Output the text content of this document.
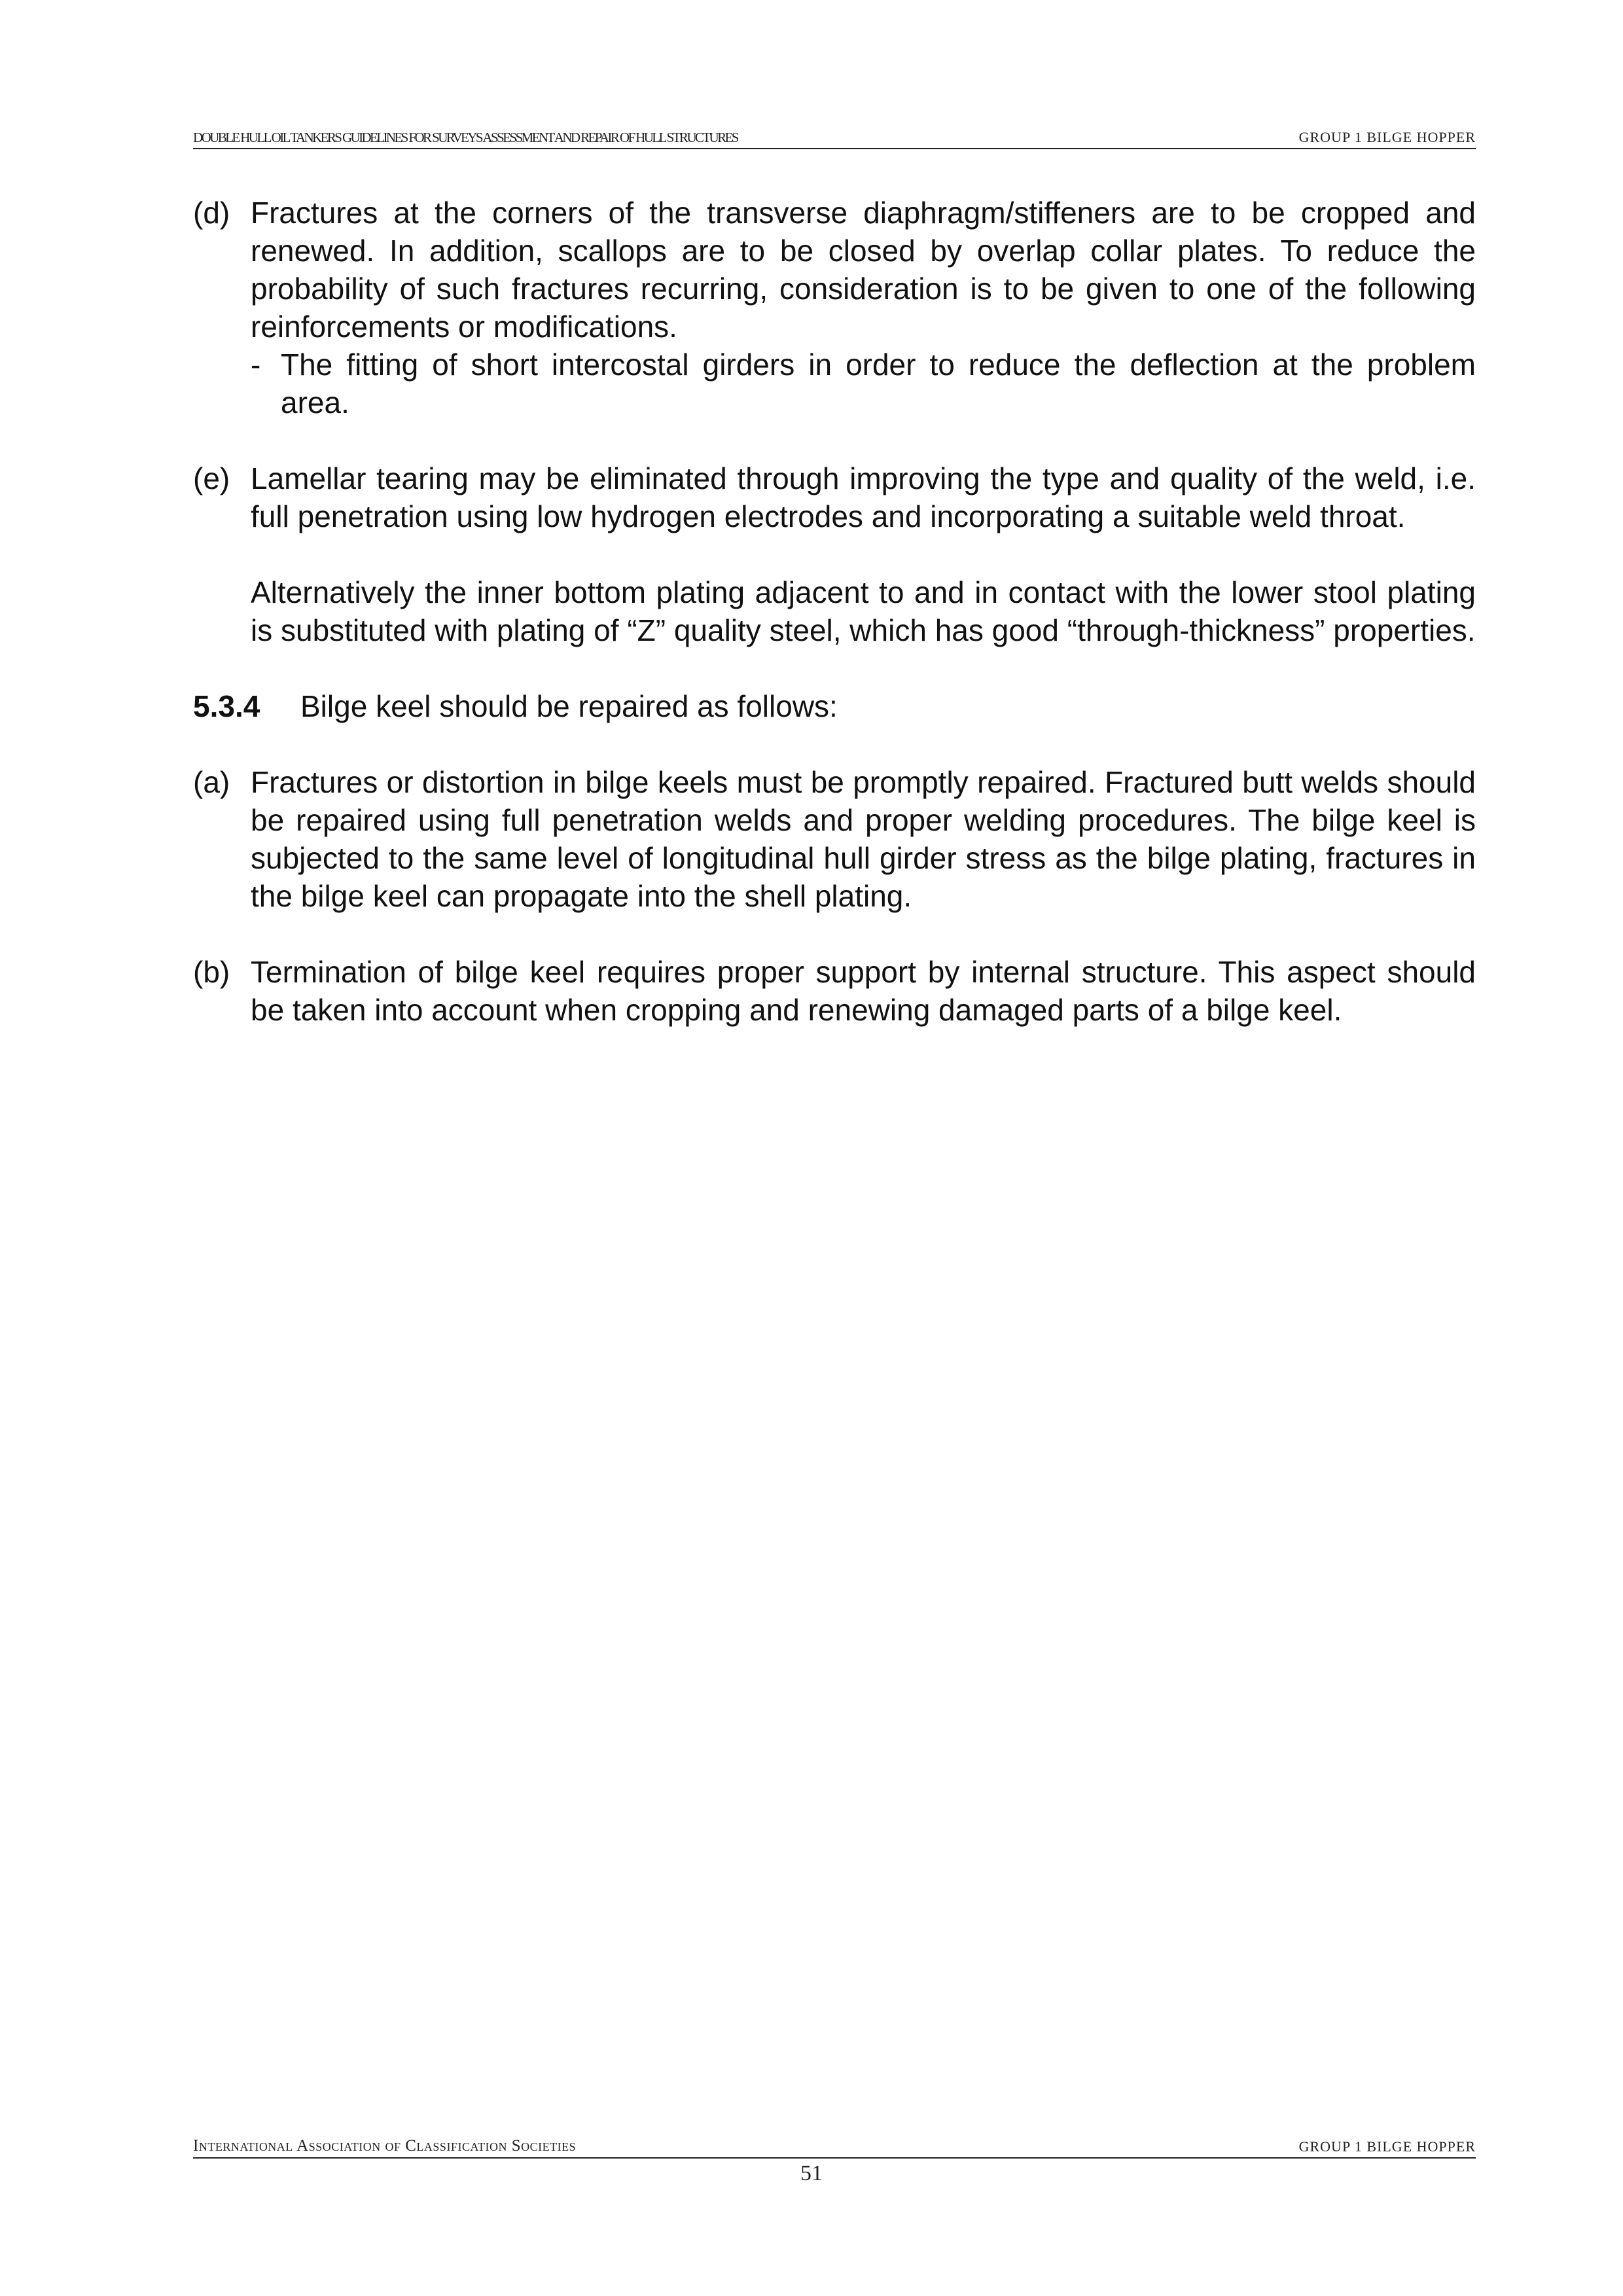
DOUBLE HULL OIL TANKERS GUIDELINES FOR SURVEYS ASSESSMENT AND REPAIR OF HULL STRUCTURES	GROUP 1 BILGE HOPPER
(d) Fractures at the corners of the transverse diaphragm/stiffeners are to be cropped and renewed. In addition, scallops are to be closed by overlap collar plates. To reduce the probability of such fractures recurring, consideration is to be given to one of the following reinforcements or modifications.
- The fitting of short intercostal girders in order to reduce the deflection at the problem area.
(e) Lamellar tearing may be eliminated through improving the type and quality of the weld, i.e. full penetration using low hydrogen electrodes and incorporating a suitable weld throat.
Alternatively the inner bottom plating adjacent to and in contact with the lower stool plating is substituted with plating of “Z” quality steel, which has good “through-thickness” properties.
5.3.4 Bilge keel should be repaired as follows:
(a) Fractures or distortion in bilge keels must be promptly repaired. Fractured butt welds should be repaired using full penetration welds and proper welding procedures. The bilge keel is subjected to the same level of longitudinal hull girder stress as the bilge plating, fractures in the bilge keel can propagate into the shell plating.
(b) Termination of bilge keel requires proper support by internal structure. This aspect should be taken into account when cropping and renewing damaged parts of a bilge keel.
International Association of Classification Societies	GROUP 1 BILGE HOPPER
51
